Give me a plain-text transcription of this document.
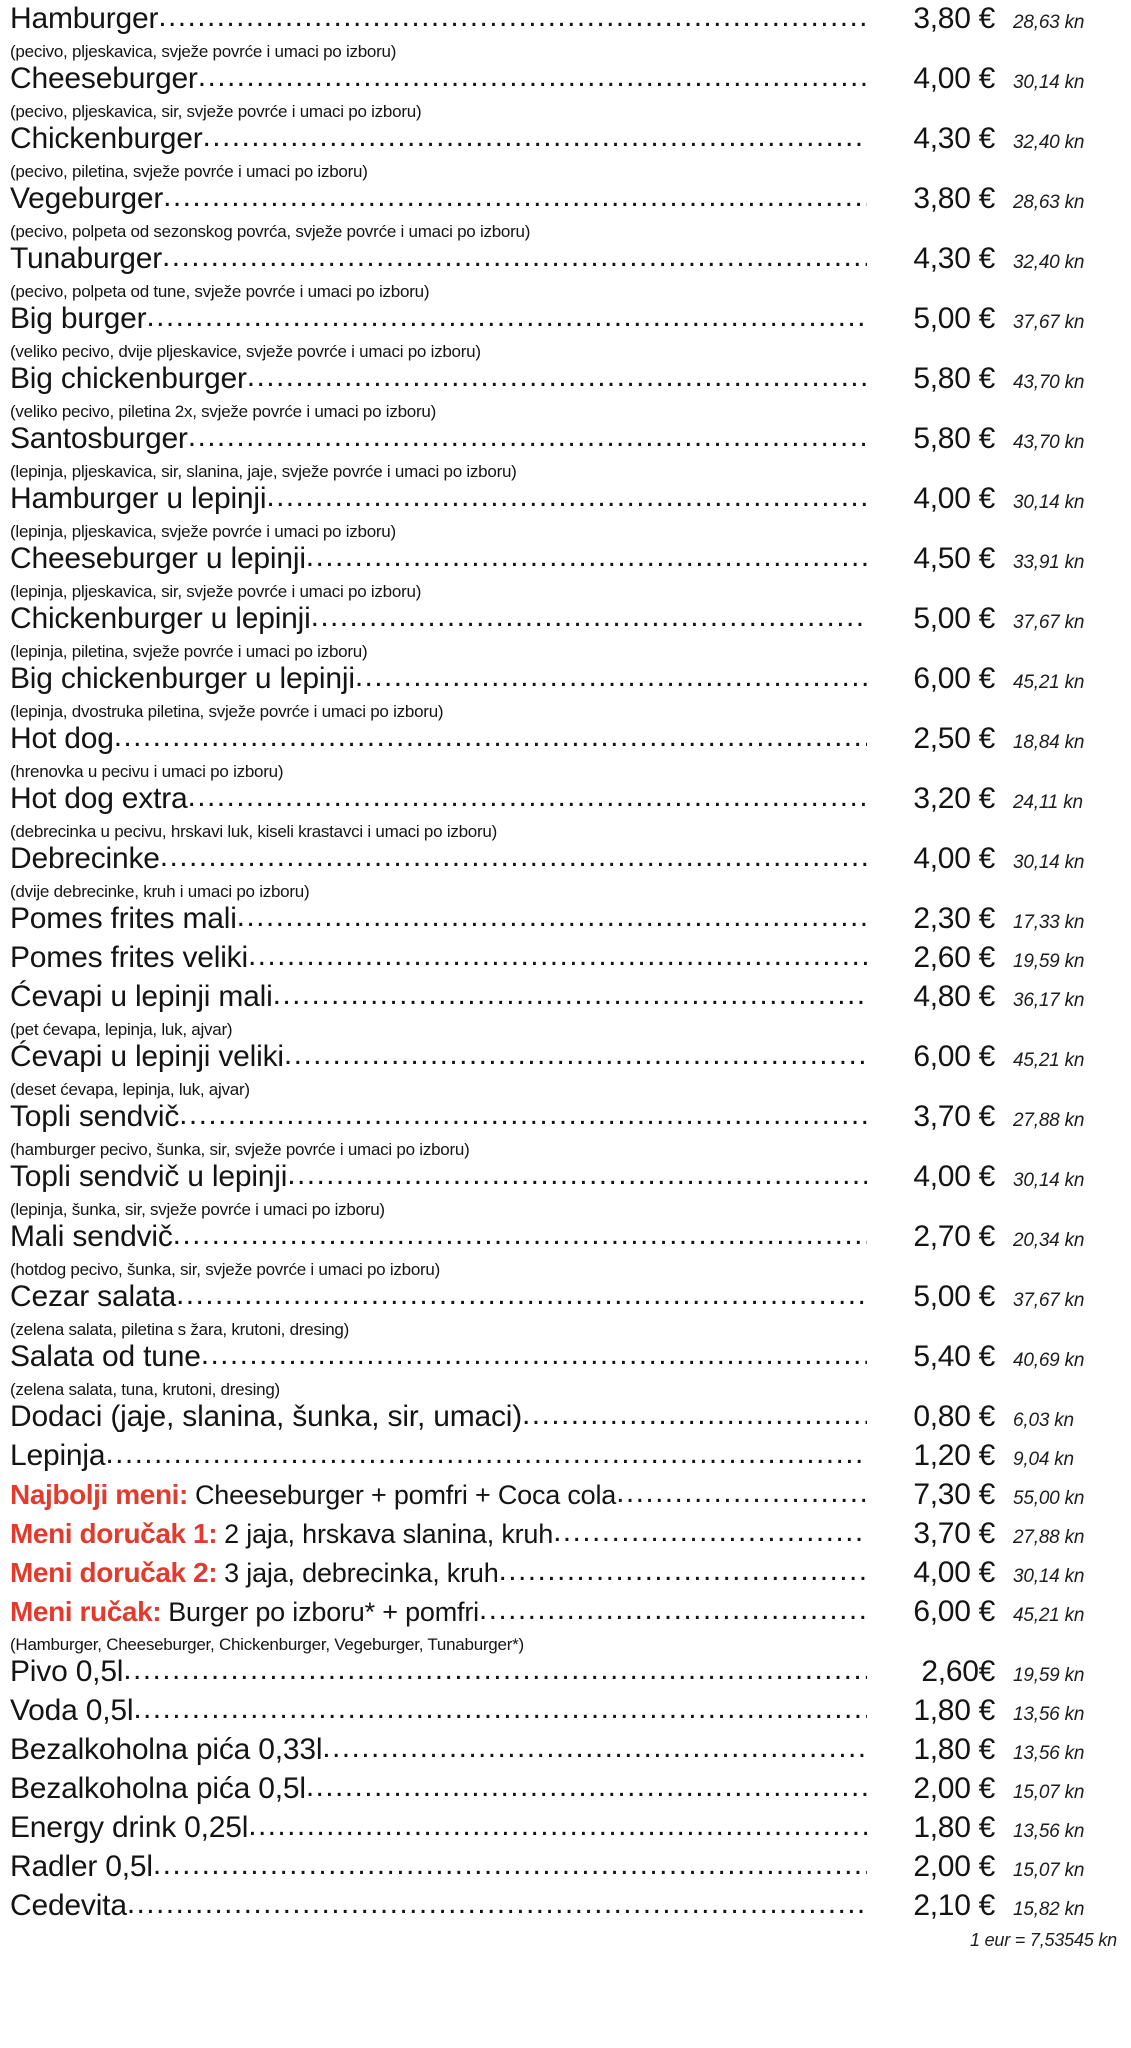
Hamburger .....	3,80 € 28,63 kn
(pecivo, pljeskavica, svježe povrće i umaci po izboru)
Cheeseburger .....	4,00 € 30,14 kn
(pecivo, pljeskavica, sir, svježe povrće i umaci po izboru)
Chickenburger .....	4,30 € 32,40 kn
(pecivo, piletina, svježe povrće i umaci po izboru)
Vegeburger .....	3,80 € 28,63 kn
(pecivo, polpeta od sezonskog povrća, svježe povrće i umaci po izboru)
Tunaburger .....	4,30 € 32,40 kn
(pecivo, polpeta od tune, svježe povrće i umaci po izboru)
Big burger .....	5,00 € 37,67 kn
(veliko pecivo, dvije pljeskavice, svježe povrće i umaci po izboru)
Big chickenburger .....	5,80 € 43,70 kn
(veliko pecivo, piletina 2x, svježe povrće i umaci po izboru)
Santosburger .....	5,80 € 43,70 kn
(lepinja, pljeskavica, sir, slanina, jaje, svježe povrće i umaci po izboru)
Hamburger u lepinji .....	4,00 € 30,14 kn
(lepinja, pljeskavica, svježe povrće i umaci po izboru)
Cheeseburger u lepinji .....	4,50 € 33,91 kn
(lepinja, pljeskavica, sir, svježe povrće i umaci po izboru)
Chickenburger u lepinji .....	5,00 € 37,67 kn
(lepinja, piletina, svježe povrće i umaci po izboru)
Big chickenburger u lepinji .....	6,00 € 45,21 kn
(lepinja, dvostruka piletina, svježe povrće i umaci po izboru)
Hot dog .....	2,50 € 18,84 kn
(hrenovka u pecivu i umaci po izboru)
Hot dog extra .....	3,20 € 24,11 kn
(debrecinka u pecivu, hrskavi luk, kiseli krastavci i umaci po izboru)
Debrecinke .....	4,00 € 30,14 kn
(dvije debrecinke, kruh i umaci po izboru)
Pomes frites mali .....	2,30 € 17,33 kn
Pomes frites veliki .....	2,60 € 19,59 kn
Ćevapi u lepinji mali .....	4,80 € 36,17 kn
(pet ćevapa, lepinja, luk, ajvar)
Ćevapi u lepinji veliki .....	6,00 € 45,21 kn
(deset ćevapa, lepinja, luk, ajvar)
Topli sendvič .....	3,70 € 27,88 kn
(hamburger pecivo, šunka, sir, svježe povrće i umaci po izboru)
Topli sendvič u lepinji .....	4,00 € 30,14 kn
(lepinja, šunka, sir, svježe povrće i umaci po izboru)
Mali sendvič .....	2,70 € 20,34 kn
(hotdog pecivo, šunka, sir, svježe povrće i umaci po izboru)
Cezar salata .....	5,00 € 37,67 kn
(zelena salata, piletina s žara, krutoni, dresing)
Salata od tune .....	5,40 € 40,69 kn
(zelena salata, tuna, krutoni, dresing)
Dodaci (jaje, slanina, šunka, sir, umaci) .....	0,80 € 6,03 kn
Lepinja .....	1,20 € 9,04 kn
Najbolji meni: Cheeseburger + pomfri + Coca cola .....	7,30 € 55,00 kn
Meni doručak 1: 2 jaja, hrskava slanina, kruh .....	3,70 € 27,88 kn
Meni doručak 2: 3 jaja, debrecinka, kruh .....	4,00 € 30,14 kn
Meni ručak: Burger po izboru* + pomfri .....	6,00 € 45,21 kn
(Hamburger, Cheeseburger, Chickenburger, Vegeburger, Tunaburger*)
Pivo 0,5l .....	2,60€ 19,59 kn
Voda 0,5l .....	1,80 € 13,56 kn
Bezalkoholna pića 0,33l .....	1,80 € 13,56 kn
Bezalkoholna pića 0,5l .....	2,00 € 15,07 kn
Energy drink 0,25l .....	1,80 € 13,56 kn
Radler 0,5l .....	2,00 € 15,07 kn
Cedevita .....	2,10 € 15,82 kn
1 eur = 7,53545 kn
